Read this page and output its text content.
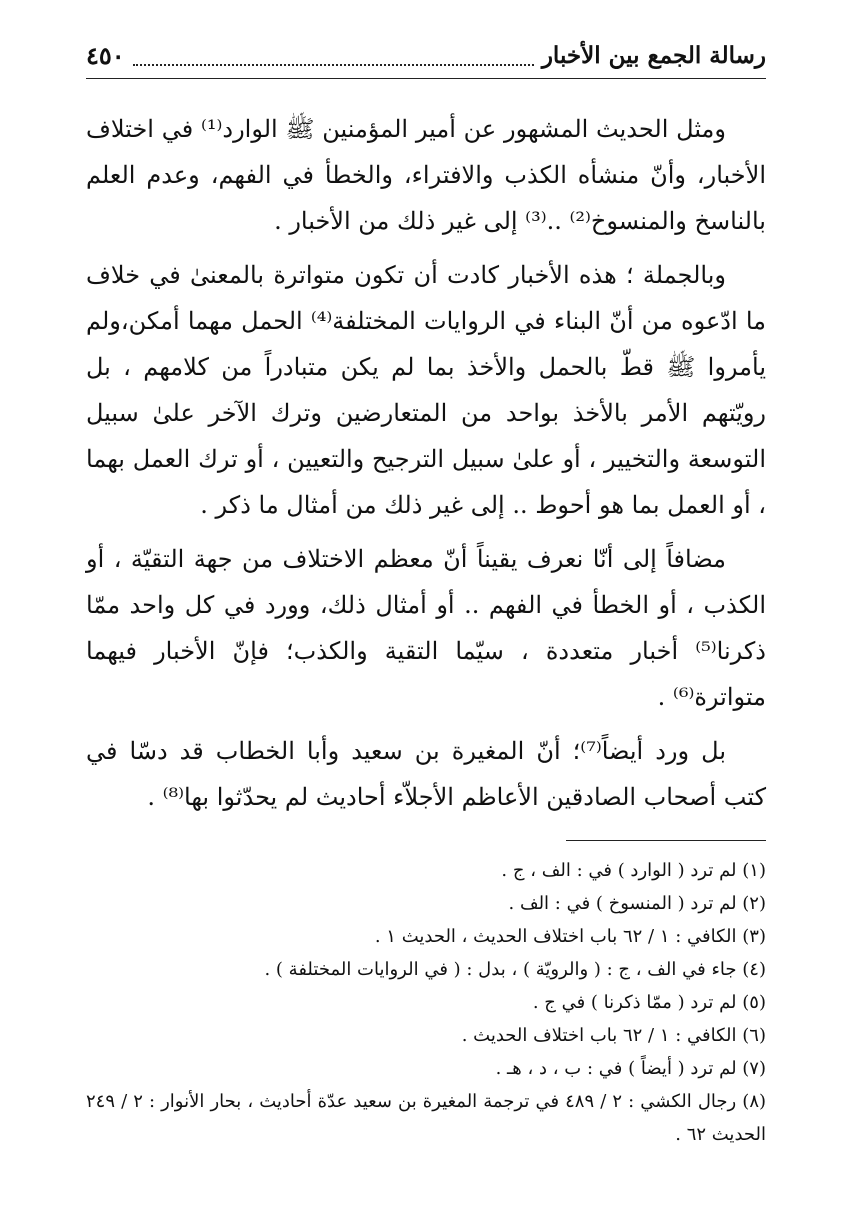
رسالة الجمع بين الأخبار
٤٥٠

ومثل الحديث المشهور عن أمير المؤمنين ﷺ الوارد⁽¹⁾ في اختلاف الأخبار، وأنّ منشأه الكذب والافتراء، والخطأ في الفهم، وعدم العلم بالناسخ والمنسوخ⁽²⁾ ..⁽³⁾ إلى غير ذلك من الأخبار .

وبالجملة ؛ هذه الأخبار كادت أن تكون متواترة بالمعنىٰ في خلاف ما ادّعوه من أنّ البناء في الروايات المختلفة⁽⁴⁾ الحمل مهما أمكن،ولم يأمروا ﷺ قطّ بالحمل والأخذ بما لم يكن متبادراً من كلامهم ، بل رويّتهم الأمر بالأخذ بواحد من المتعارضين وترك الآخر علىٰ سبيل التوسعة والتخيير ، أو علىٰ سبيل الترجيح والتعيين ، أو ترك العمل بهما ، أو العمل بما هو أحوط .. إلى غير ذلك من أمثال ما ذكر .

مضافاً إلى أنّا نعرف يقيناً أنّ معظم الاختلاف من جهة التقيّة ، أو الكذب ، أو الخطأ في الفهم .. أو أمثال ذلك، وورد في كل واحد ممّا ذكرنا⁽⁵⁾ أخبار متعددة ، سيّما التقية والكذب؛ فإنّ الأخبار فيهما متواترة⁽⁶⁾ .

بل ورد أيضاً⁽⁷⁾؛ أنّ المغيرة بن سعيد وأبا الخطاب قد دسّا في كتب أصحاب الصادقين الأعاظم الأجلاّء أحاديث لم يحدّثوا بها⁽⁸⁾ .

(١) لم ترد ( الوارد ) في : الف ، ج .

(٢) لم ترد ( المنسوخ ) في : الف .

(٣) الكافي : ١ / ٦٢ باب اختلاف الحديث ، الحديث ١ .

(٤) جاء في الف ، ج : ( والرويّة ) ، بدل : ( في الروايات المختلفة ) .

(٥) لم ترد ( ممّا ذكرنا ) في ج .

(٦) الكافي : ١ / ٦٢ باب اختلاف الحديث .

(٧) لم ترد ( أيضاً ) في : ب ، د ، هـ .

(٨) رجال الكشي : ٢ / ٤٨٩ في ترجمة المغيرة بن سعيد عدّة أحاديث ، بحار الأنوار : ٢ / ٢٤٩ الحديث ٦٢ .
